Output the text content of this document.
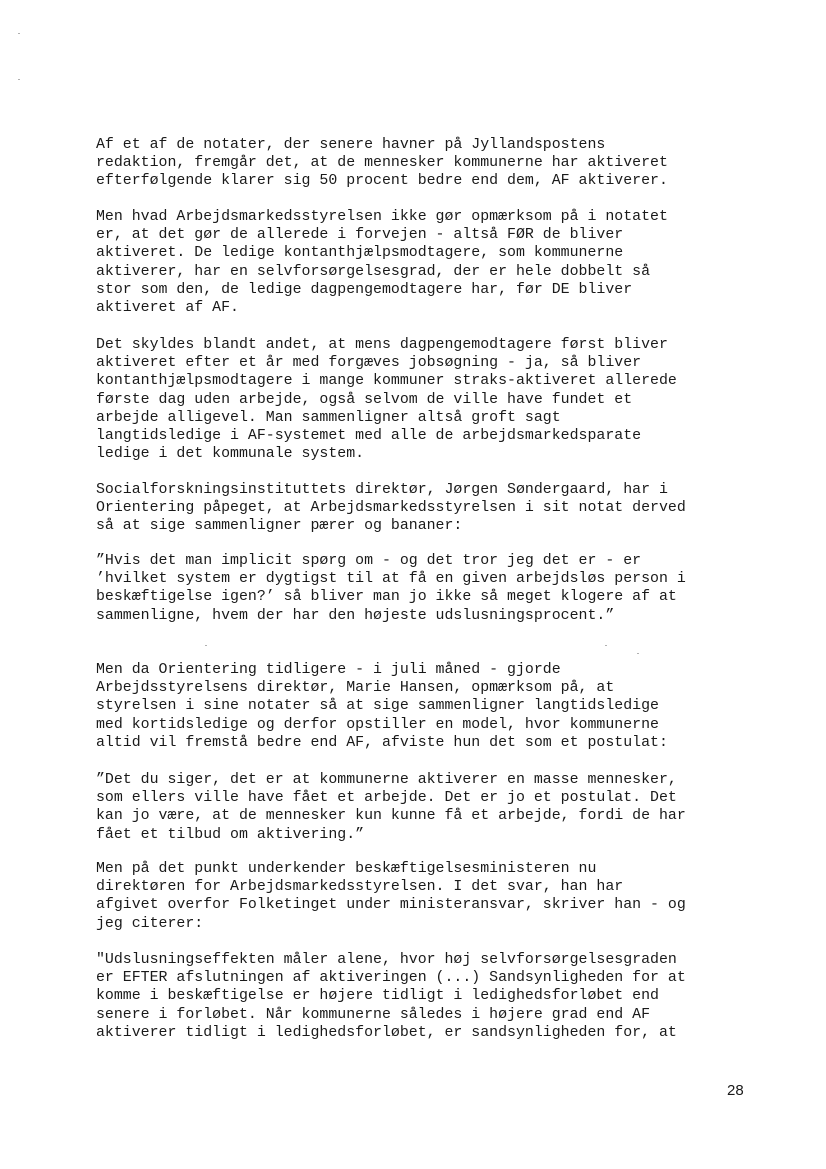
Af et af de notater, der senere havner på Jyllandspostens
redaktion, fremgår det, at de mennesker kommunerne har aktiveret
efterfølgende klarer sig 50 procent bedre end dem, AF aktiverer.

Men hvad Arbejdsmarkedsstyrelsen ikke gør opmærksom på i notatet
er, at det gør de allerede i forvejen - altså FØR de bliver
aktiveret. De ledige kontanthjælpsmodtagere, som kommunerne
aktiverer, har en selvforsørgelsesgrad, der er hele dobbelt så
stor som den, de ledige dagpengemodtagere har, før DE bliver
aktiveret af AF.

Det skyldes blandt andet, at mens dagpengemodtagere først bliver
aktiveret efter et år med forgæves jobsøgning - ja, så bliver
kontanthjælpsmodtagere i mange kommuner straks-aktiveret allerede
første dag uden arbejde, også selvom de ville have fundet et
arbejde alligevel. Man sammenligner altså groft sagt
langtidsledige i AF-systemet med alle de arbejdsmarkedsparate
ledige i det kommunale system.

Socialforskningsinstituttets direktør, Jørgen Søndergaard, har i
Orientering påpeget, at Arbejdsmarkedsstyrelsen i sit notat derved
så at sige sammenligner pærer og bananer:

”Hvis det man implicit spørg om - og det tror jeg det er - er
’hvilket system er dygtigst til at få en given arbejdsløs person i
beskæftigelse igen?’ så bliver man jo ikke så meget klogere af at
sammenligne, hvem der har den højeste udslusningsprocent.”

Men da Orientering tidligere - i juli måned - gjorde
Arbejdsstyrelsens direktør, Marie Hansen, opmærksom på, at
styrelsen i sine notater så at sige sammenligner langtidsledige
med kortidsledige og derfor opstiller en model, hvor kommunerne
altid vil fremstå bedre end AF, afviste hun det som et postulat:

”Det du siger, det er at kommunerne aktiverer en masse mennesker,
som ellers ville have fået et arbejde. Det er jo et postulat. Det
kan jo være, at de mennesker kun kunne få et arbejde, fordi de har
fået et tilbud om aktivering.”

Men på det punkt underkender beskæftigelsesministeren nu
direktøren for Arbejdsmarkedsstyrelsen. I det svar, han har
afgivet overfor Folketinget under ministeransvar, skriver han - og
jeg citerer:

"Udslusningseffekten måler alene, hvor høj selvforsørgelsesgraden
er EFTER afslutningen af aktiveringen (...) Sandsynligheden for at
komme i beskæftigelse er højere tidligt i ledighedsforløbet end
senere i forløbet. Når kommunerne således i højere grad end AF
aktiverer tidligt i ledighedsforløbet, er sandsynligheden for, at

28
